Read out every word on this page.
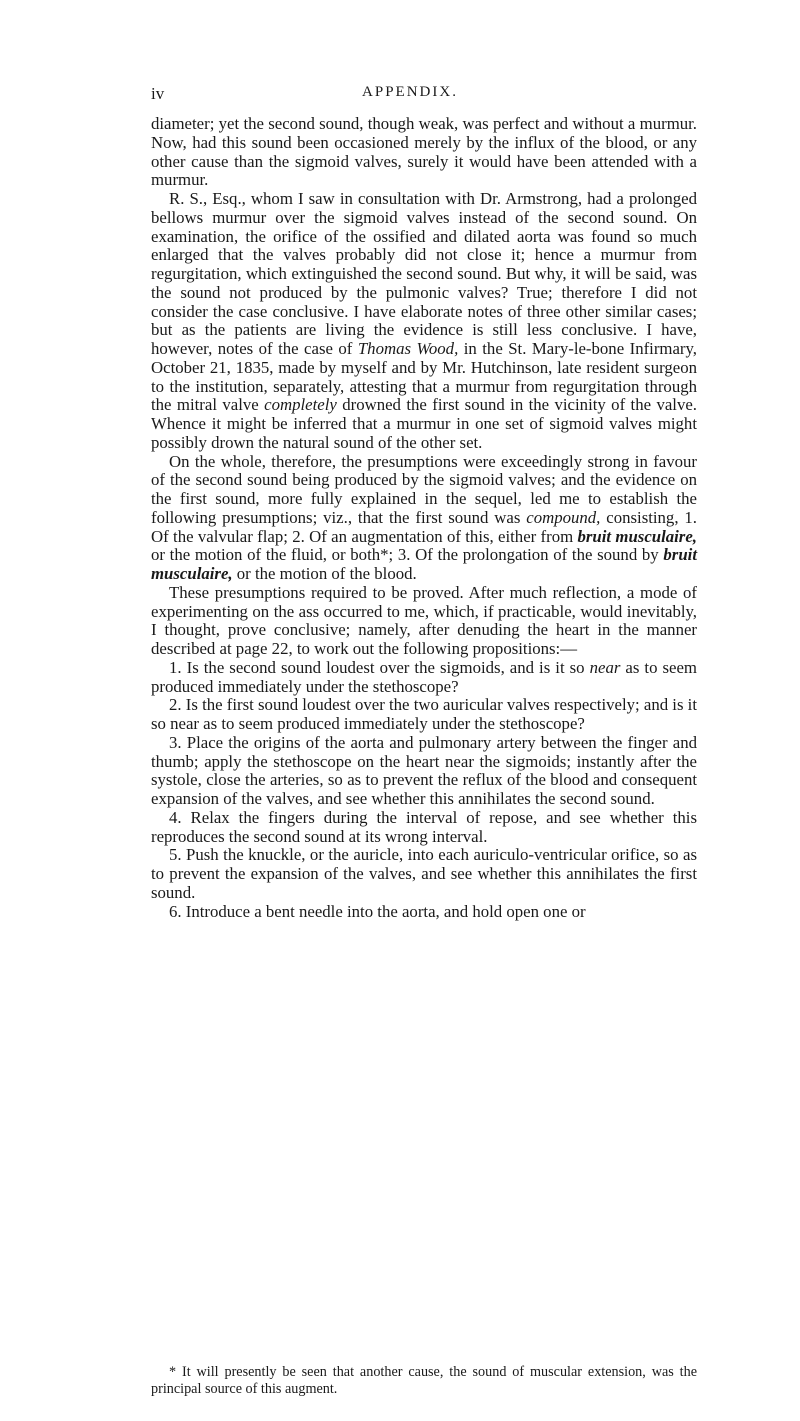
iv	APPENDIX.

diameter; yet the second sound, though weak, was perfect and without a murmur. Now, had this sound been occasioned merely by the influx of the blood, or any other cause than the sigmoid valves, surely it would have been attended with a murmur.

R. S., Esq., whom I saw in consultation with Dr. Armstrong, had a prolonged bellows murmur over the sigmoid valves instead of the second sound. On examination, the orifice of the ossified and dilated aorta was found so much enlarged that the valves probably did not close it; hence a murmur from regurgitation, which extinguished the second sound. But why, it will be said, was the sound not produced by the pulmonic valves? True; therefore I did not consider the case conclusive. I have elaborate notes of three other similar cases; but as the patients are living the evidence is still less conclusive. I have, however, notes of the case of Thomas Wood, in the St. Mary-le-bone Infirmary, October 21, 1835, made by myself and by Mr. Hutchinson, late resident surgeon to the institution, separately, attesting that a murmur from regurgitation through the mitral valve completely drowned the first sound in the vicinity of the valve. Whence it might be inferred that a murmur in one set of sigmoid valves might possibly drown the natural sound of the other set.

On the whole, therefore, the presumptions were exceedingly strong in favour of the second sound being produced by the sigmoid valves; and the evidence on the first sound, more fully explained in the sequel, led me to establish the following presumptions; viz., that the first sound was compound, consisting, 1. Of the valvular flap; 2. Of an augmentation of this, either from bruit musculaire, or the motion of the fluid, or both*; 3. Of the prolongation of the sound by bruit musculaire, or the motion of the blood.

These presumptions required to be proved. After much reflection, a mode of experimenting on the ass occurred to me, which, if practicable, would inevitably, I thought, prove conclusive; namely, after denuding the heart in the manner described at page 22, to work out the following propositions:—

1. Is the second sound loudest over the sigmoids, and is it so near as to seem produced immediately under the stethoscope?

2. Is the first sound loudest over the two auricular valves respectively; and is it so near as to seem produced immediately under the stethoscope?

3. Place the origins of the aorta and pulmonary artery between the finger and thumb; apply the stethoscope on the heart near the sigmoids; instantly after the systole, close the arteries, so as to prevent the reflux of the blood and consequent expansion of the valves, and see whether this annihilates the second sound.

4. Relax the fingers during the interval of repose, and see whether this reproduces the second sound at its wrong interval.

5. Push the knuckle, or the auricle, into each auriculo-ventricular orifice, so as to prevent the expansion of the valves, and see whether this annihilates the first sound.

6. Introduce a bent needle into the aorta, and hold open one or

* It will presently be seen that another cause, the sound of muscular extension, was the principal source of this augment.
